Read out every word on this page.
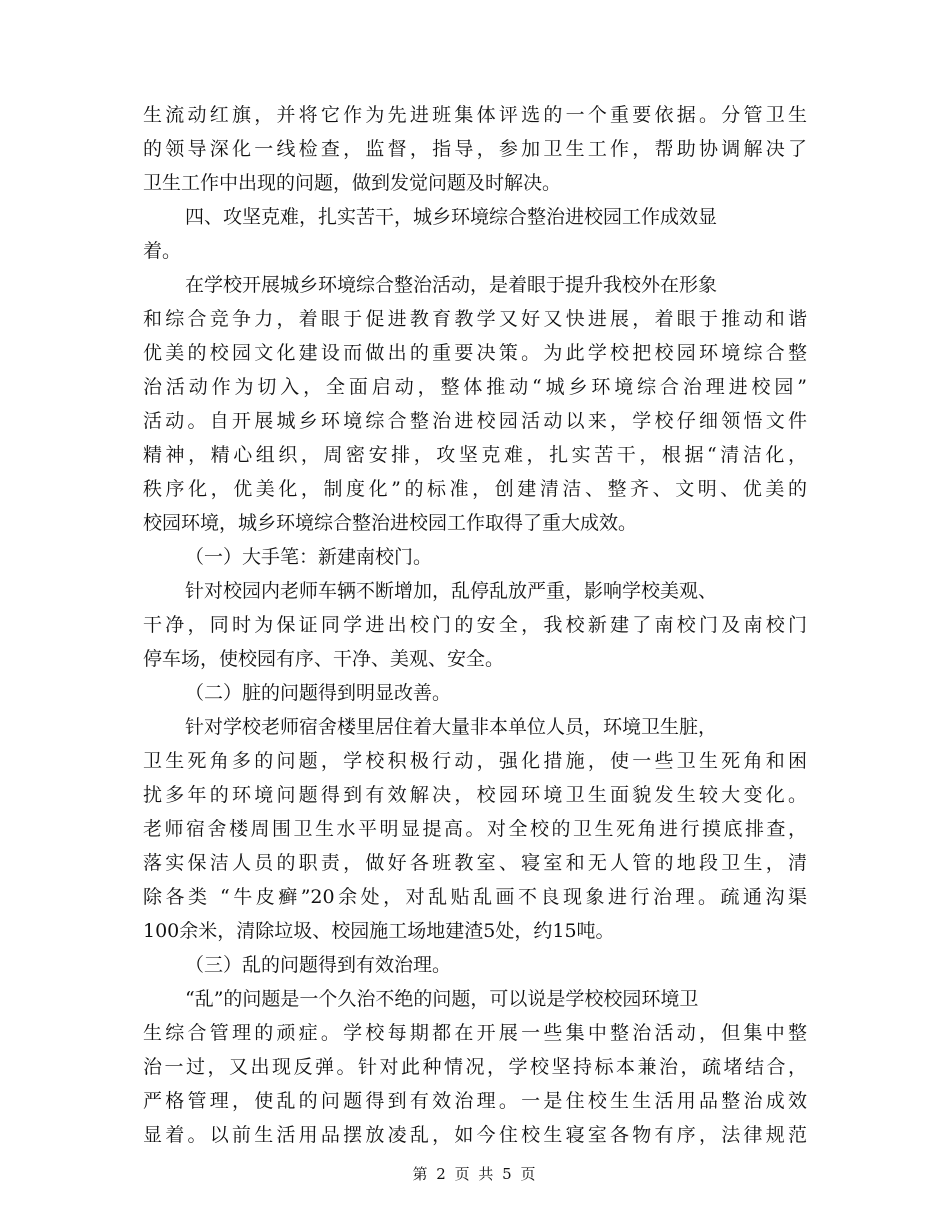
生流动红旗，并将它作为先进班集体评选的一个重要依据。分管卫生
的领导深化一线检查，监督，指导，参加卫生工作，帮助协调解决了
卫生工作中出现的问题，做到发觉问题及时解决。
四、攻坚克难，扎实苦干，城乡环境综合整治进校园工作成效显
着。
在学校开展城乡环境综合整治活动，是着眼于提升我校外在形象
和综合竞争力，着眼于促进教育教学又好又快进展，着眼于推动和谐
优美的校园文化建设而做出的重要决策。为此学校把校园环境综合整
治活动作为切入，全面启动，整体推动“城乡环境综合治理进校园”
活动。自开展城乡环境综合整治进校园活动以来，学校仔细领悟文件
精神，精心组织，周密安排，攻坚克难，扎实苦干，根据“清洁化，
秩序化，优美化，制度化”的标准，创建清洁、整齐、文明、优美的
校园环境，城乡环境综合整治进校园工作取得了重大成效。
（一）大手笔：新建南校门。
针对校园内老师车辆不断增加，乱停乱放严重，影响学校美观、
干净，同时为保证同学进出校门的安全，我校新建了南校门及南校门
停车场，使校园有序、干净、美观、安全。
（二）脏的问题得到明显改善。
针对学校老师宿舍楼里居住着大量非本单位人员，环境卫生脏，
卫生死角多的问题，学校积极行动，强化措施，使一些卫生死角和困
扰多年的环境问题得到有效解决，校园环境卫生面貌发生较大变化。
老师宿舍楼周围卫生水平明显提高。对全校的卫生死角进行摸底排查，
落实保洁人员的职责，做好各班教室、寝室和无人管的地段卫生，清
除各类 “牛皮癣”20余处，对乱贴乱画不良现象进行治理。疏通沟渠
100余米，清除垃圾、校园施工场地建渣5处，约15吨。
（三）乱的问题得到有效治理。
“乱”的问题是一个久治不绝的问题，可以说是学校校园环境卫
生综合管理的顽症。学校每期都在开展一些集中整治活动，但集中整
治一过，又出现反弹。针对此种情况，学校坚持标本兼治，疏堵结合，
严格管理，使乱的问题得到有效治理。一是住校生生活用品整治成效
显着。以前生活用品摆放凌乱，如今住校生寝室各物有序，法律规范
第 2 页 共 5 页
